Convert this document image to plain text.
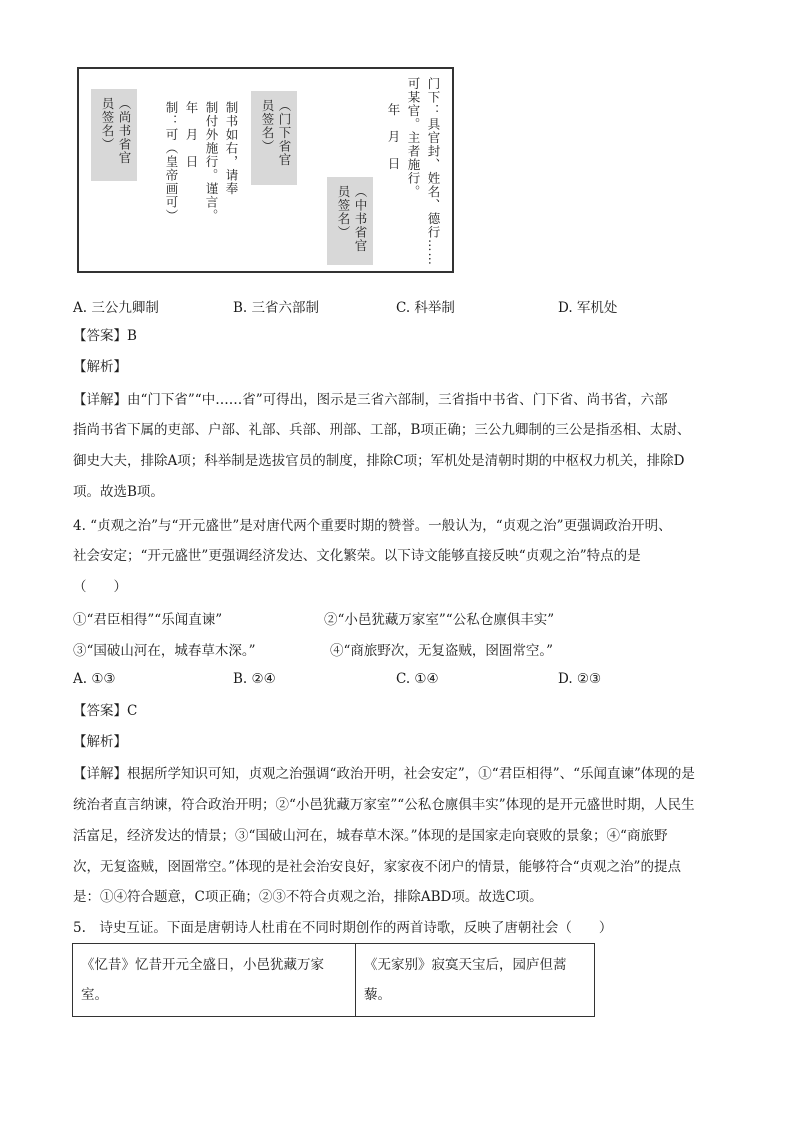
门下：具官封、姓名、德行……
可某官。主者施行。
年　月　日
（中书省官员签名）
（门下省官员签名）
制书如右，请奉
制付外施行。谨言。
年　月　日
制：可（皇帝画可）
（尚书省官员签名）
A. 三公九卿制	B. 三省六部制	C. 科举制	D. 军机处
【答案】B
【解析】
【详解】由“门下省”“中……省”可得出，图示是三省六部制，三省指中书省、门下省、尚书省，六部
指尚书省下属的吏部、户部、礼部、兵部、刑部、工部，B项正确；三公九卿制的三公是指丞相、太尉、
御史大夫，排除A项；科举制是选拔官员的制度，排除C项；军机处是清朝时期的中枢权力机关，排除D
项。故选B项。
4. “贞观之治”与“开元盛世”是对唐代两个重要时期的赞誉。一般认为，“贞观之治”更强调政治开明、
社会安定；“开元盛世”更强调经济发达、文化繁荣。以下诗文能够直接反映“贞观之治”特点的是
（　　）
①“君臣相得”“乐闻直谏”	②“小邑犹藏万家室”“公私仓廪俱丰实”
③“国破山河在，城春草木深。”	④“商旅野次，无复盗贼，囹圄常空。”
A. ①③	B. ②④	C. ①④	D. ②③
【答案】C
【解析】
【详解】根据所学知识可知，贞观之治强调“政治开明，社会安定”，①“君臣相得”、“乐闻直谏”体现的是
统治者直言纳谏，符合政治开明；②“小邑犹藏万家室”“公私仓廪俱丰实”体现的是开元盛世时期，人民生
活富足，经济发达的情景；③“国破山河在，城春草木深。”体现的是国家走向衰败的景象；④“商旅野
次，无复盗贼，囹圄常空。”体现的是社会治安良好，家家夜不闭户的情景，能够符合“贞观之治”的提点
是：①④符合题意，C项正确；②③不符合贞观之治，排除ABD项。故选C项。
5.　诗史互证。下面是唐朝诗人杜甫在不同时期创作的两首诗歌，反映了唐朝社会（　　）
《忆昔》忆昔开元全盛日，小邑犹藏万家
室。

《无家别》寂寞天宝后，园庐但蒿
藜。
